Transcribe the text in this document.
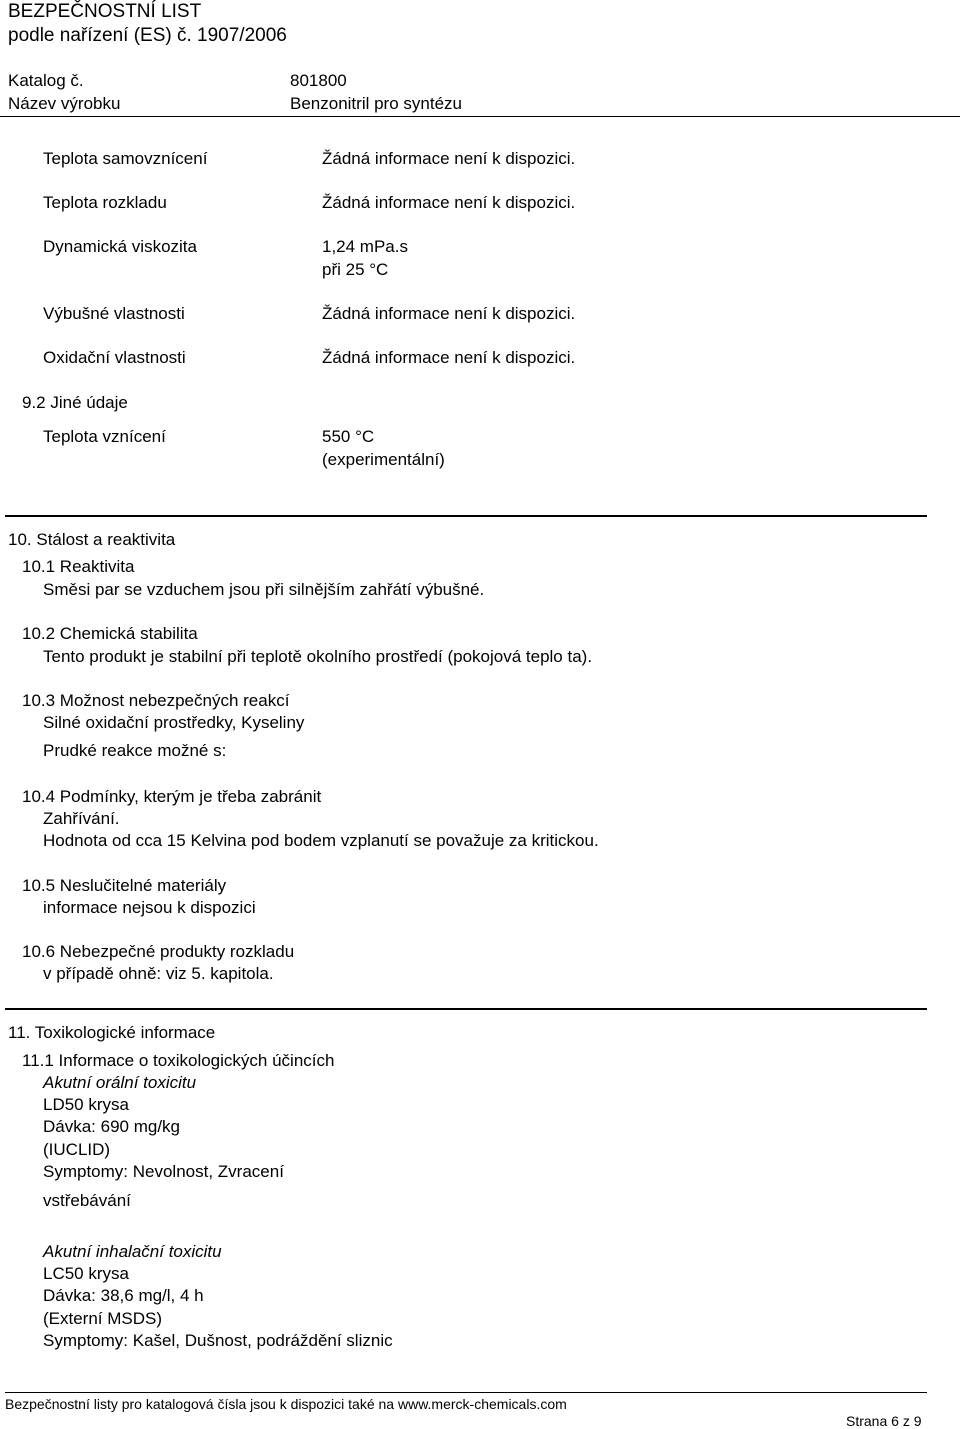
BEZPEČNOSTNÍ LIST
podle nařízení (ES) č. 1907/2006
Katalog č.	801800
Název výrobku	Benzonitril pro syntézu
Teplota samovznícení	Žádná informace není k dispozici.
Teplota rozkladu	Žádná informace není k dispozici.
Dynamická viskozita	1,24 mPa.s
při 25 °C
Výbušné vlastnosti	Žádná informace není k dispozici.
Oxidační vlastnosti	Žádná informace není k dispozici.
9.2 Jiné údaje
Teplota vznícení	550 °C
(experimentální)
10. Stálost a reaktivita
10.1 Reaktivita
Směsi par se vzduchem jsou při silnějším zahřátí výbušné.
10.2 Chemická stabilita
Tento produkt je stabilní při teplotě okolního prostředí (pokojová teplo ta).
10.3 Možnost nebezpečných reakcí
Silné oxidační prostředky, Kyseliny
Prudké reakce možné s:
10.4 Podmínky, kterým je třeba zabránit
Zahřívání.
Hodnota od cca 15 Kelvina pod bodem vzplanutí se považuje za kritickou.
10.5 Neslučitelné materiály
informace nejsou k dispozici
10.6 Nebezpečné produkty rozkladu
v případě ohně: viz 5. kapitola.
11. Toxikologické informace
11.1 Informace o toxikologických účincích
Akutní orální toxicitu
LD50 krysa
Dávka: 690 mg/kg
(IUCLID)
Symptomy: Nevolnost, Zvracení
vstřebávání
Akutní inhalační toxicitu
LC50 krysa
Dávka: 38,6 mg/l, 4 h
(Externí MSDS)
Symptomy: Kašel, Dušnost, podráždění sliznic
Bezpečnostní listy pro katalogová čísla jsou k dispozici také na www.merck-chemicals.com
Strana 6 z 9
